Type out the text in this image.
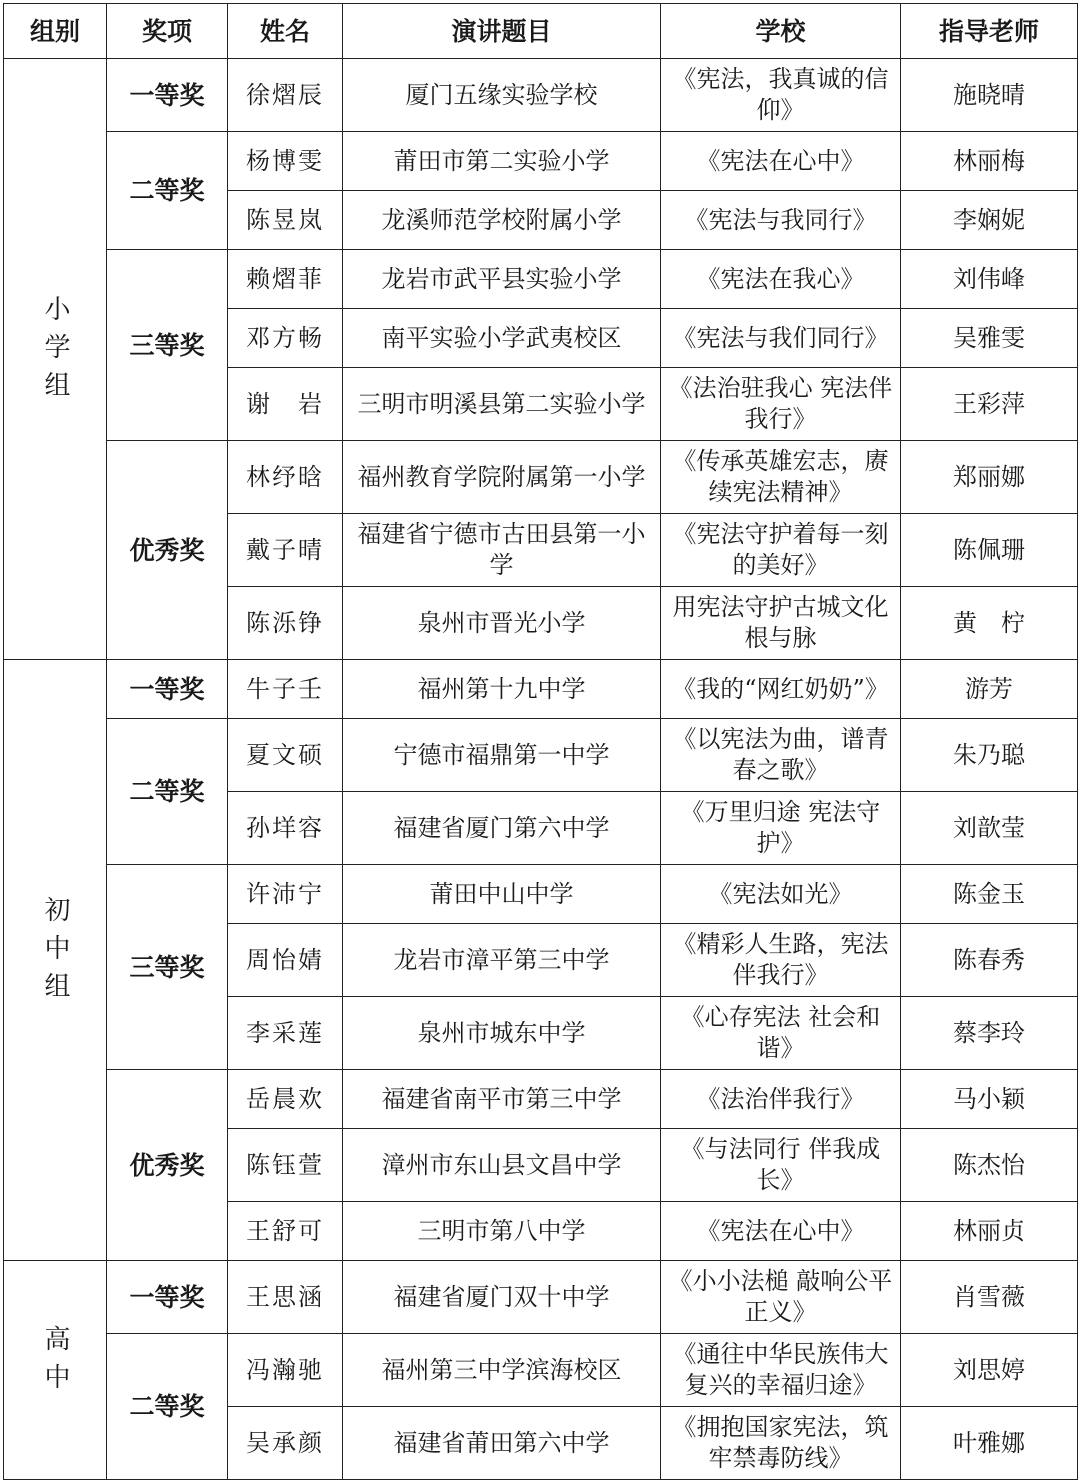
组别	奖项	姓名	演讲题目	学校	指导老师
小学组	一等奖	徐熠辰	厦门五缘实验学校	《宪法，我真诚的信仰》	施晓晴
	二等奖	杨博雯	莆田市第二实验小学	《宪法在心中》	林丽梅
		陈昱岚	龙溪师范学校附属小学	《宪法与我同行》	李娴妮
	三等奖	赖熠菲	龙岩市武平县实验小学	《宪法在我心》	刘伟峰
		邓方畅	南平实验小学武夷校区	《宪法与我们同行》	吴雅雯
		谢　岩	三明市明溪县第二实验小学	《法治驻我心 宪法伴我行》	王彩萍
	优秀奖	林纾晗	福州教育学院附属第一小学	《传承英雄宏志，赓续宪法精神》	郑丽娜
		戴子晴	福建省宁德市古田县第一小学	《宪法守护着每一刻的美好》	陈佩珊
		陈泺铮	泉州市晋光小学	用宪法守护古城文化根与脉	黄　柠
初中组	一等奖	牛子壬	福州第十九中学	《我的“网红奶奶”》	游芳
	二等奖	夏文硕	宁德市福鼎第一中学	《以宪法为曲，谱青春之歌》	朱乃聪
		孙垟容	福建省厦门第六中学	《万里归途 宪法守护》	刘歆莹
	三等奖	许沛宁	莆田中山中学	《宪法如光》	陈金玉
		周怡婧	龙岩市漳平第三中学	《精彩人生路，宪法伴我行》	陈春秀
		李采莲	泉州市城东中学	《心存宪法 社会和谐》	蔡李玲
	优秀奖	岳晨欢	福建省南平市第三中学	《法治伴我行》	马小颖
		陈钰萱	漳州市东山县文昌中学	《与法同行 伴我成长》	陈杰怡
		王舒可	三明市第八中学	《宪法在心中》	林丽贞
高中	一等奖	王思涵	福建省厦门双十中学	《小小法槌 敲响公平正义》	肖雪薇
	二等奖	冯瀚驰	福州第三中学滨海校区	《通往中华民族伟大复兴的幸福归途》	刘思婷
		吴承颜	福建省莆田第六中学	《拥抱国家宪法，筑牢禁毒防线》	叶雅娜
